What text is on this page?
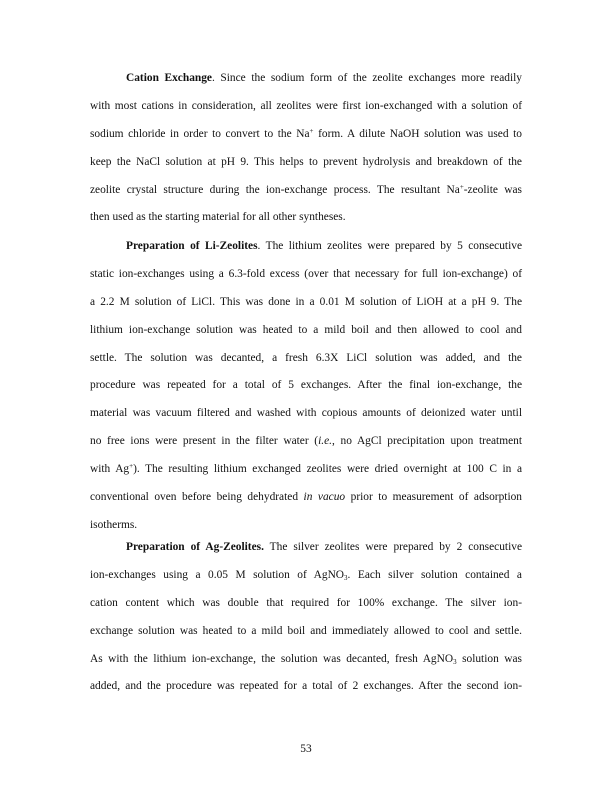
Cation Exchange. Since the sodium form of the zeolite exchanges more readily
with most cations in consideration, all zeolites were first ion-exchanged with a solution of
sodium chloride in order to convert to the Na+ form. A dilute NaOH solution was used to
keep the NaCl solution at pH 9. This helps to prevent hydrolysis and breakdown of the
zeolite crystal structure during the ion-exchange process. The resultant Na+-zeolite was
then used as the starting material for all other syntheses.
Preparation of Li-Zeolites. The lithium zeolites were prepared by 5 consecutive
static ion-exchanges using a 6.3-fold excess (over that necessary for full ion-exchange) of
a 2.2 M solution of LiCl. This was done in a 0.01 M solution of LiOH at a pH 9. The
lithium ion-exchange solution was heated to a mild boil and then allowed to cool and
settle. The solution was decanted, a fresh 6.3X LiCl solution was added, and the
procedure was repeated for a total of 5 exchanges. After the final ion-exchange, the
material was vacuum filtered and washed with copious amounts of deionized water until
no free ions were present in the filter water (i.e., no AgCl precipitation upon treatment
with Ag+). The resulting lithium exchanged zeolites were dried overnight at 100 C in a
conventional oven before being dehydrated in vacuo prior to measurement of adsorption
isotherms.
Preparation of Ag-Zeolites. The silver zeolites were prepared by 2 consecutive
ion-exchanges using a 0.05 M solution of AgNO$_3$. Each silver solution contained a
cation content which was double that required for 100% exchange. The silver ion-
exchange solution was heated to a mild boil and immediately allowed to cool and settle.
As with the lithium ion-exchange, the solution was decanted, fresh AgNO$_3$ solution was
added, and the procedure was repeated for a total of 2 exchanges. After the second ion-
53
